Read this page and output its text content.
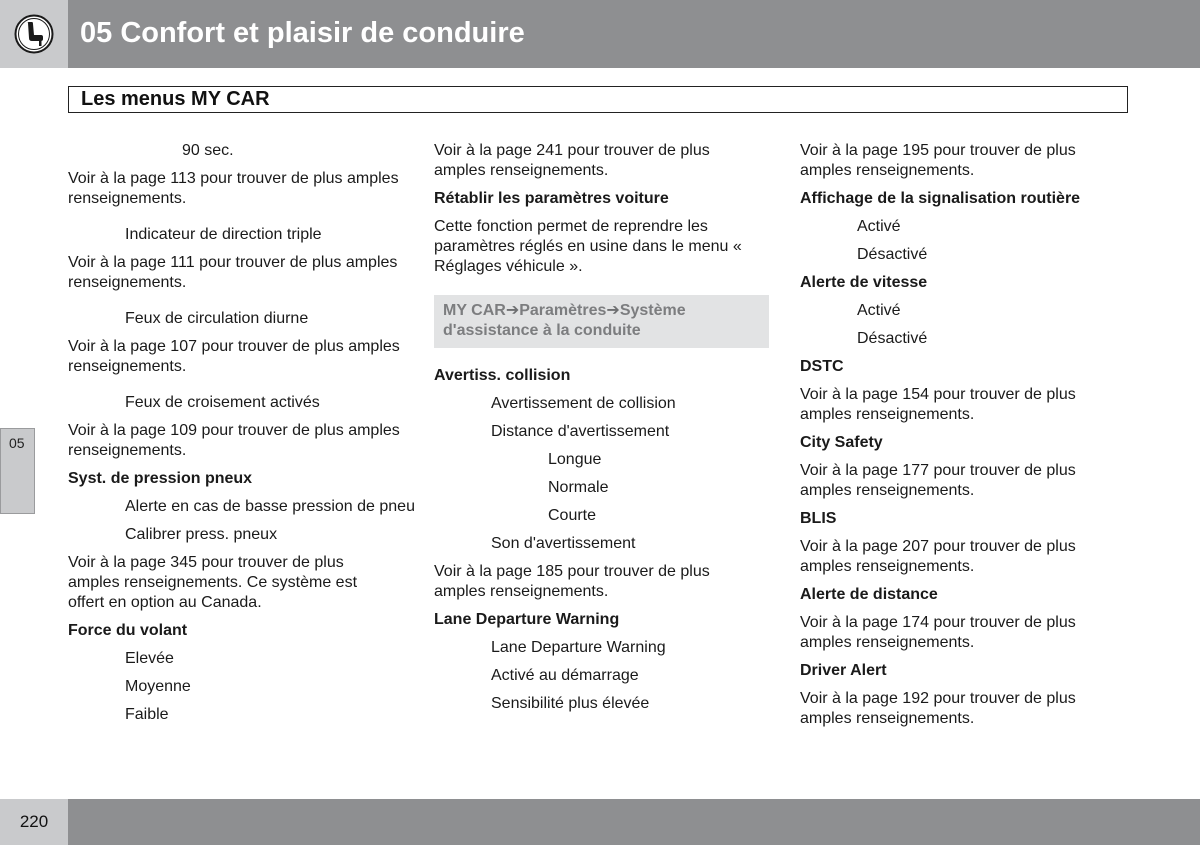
05 Confort et plaisir de conduire
Les menus MY CAR
05
90 sec.
Voir à la page 113 pour trouver de plus amples renseignements.
Indicateur de direction triple
Voir à la page 111 pour trouver de plus amples renseignements.
Feux de circulation diurne
Voir à la page 107 pour trouver de plus amples renseignements.
Feux de croisement activés
Voir à la page 109 pour trouver de plus amples renseignements.
Syst. de pression pneux
Alerte en cas de basse pression de pneu
Calibrer press. pneux
Voir à la page 345 pour trouver de plus amples renseignements. Ce système est offert en option au Canada.
Force du volant
Elevée
Moyenne
Faible
Voir à la page 241 pour trouver de plus amples renseignements.
Rétablir les paramètres voiture
Cette fonction permet de reprendre les paramètres réglés en usine dans le menu « Réglages véhicule ».
MY CAR➔Paramètres➔Système d'assistance à la conduite
Avertiss. collision
Avertissement de collision
Distance d'avertissement
Longue
Normale
Courte
Son d'avertissement
Voir à la page 185 pour trouver de plus amples renseignements.
Lane Departure Warning
Lane Departure Warning
Activé au démarrage
Sensibilité plus élevée
Voir à la page 195 pour trouver de plus amples renseignements.
Affichage de la signalisation routière
Activé
Désactivé
Alerte de vitesse
Activé
Désactivé
DSTC
Voir à la page 154 pour trouver de plus amples renseignements.
City Safety
Voir à la page 177 pour trouver de plus amples renseignements.
BLIS
Voir à la page 207 pour trouver de plus amples renseignements.
Alerte de distance
Voir à la page 174 pour trouver de plus amples renseignements.
Driver Alert
Voir à la page 192 pour trouver de plus amples renseignements.
220
